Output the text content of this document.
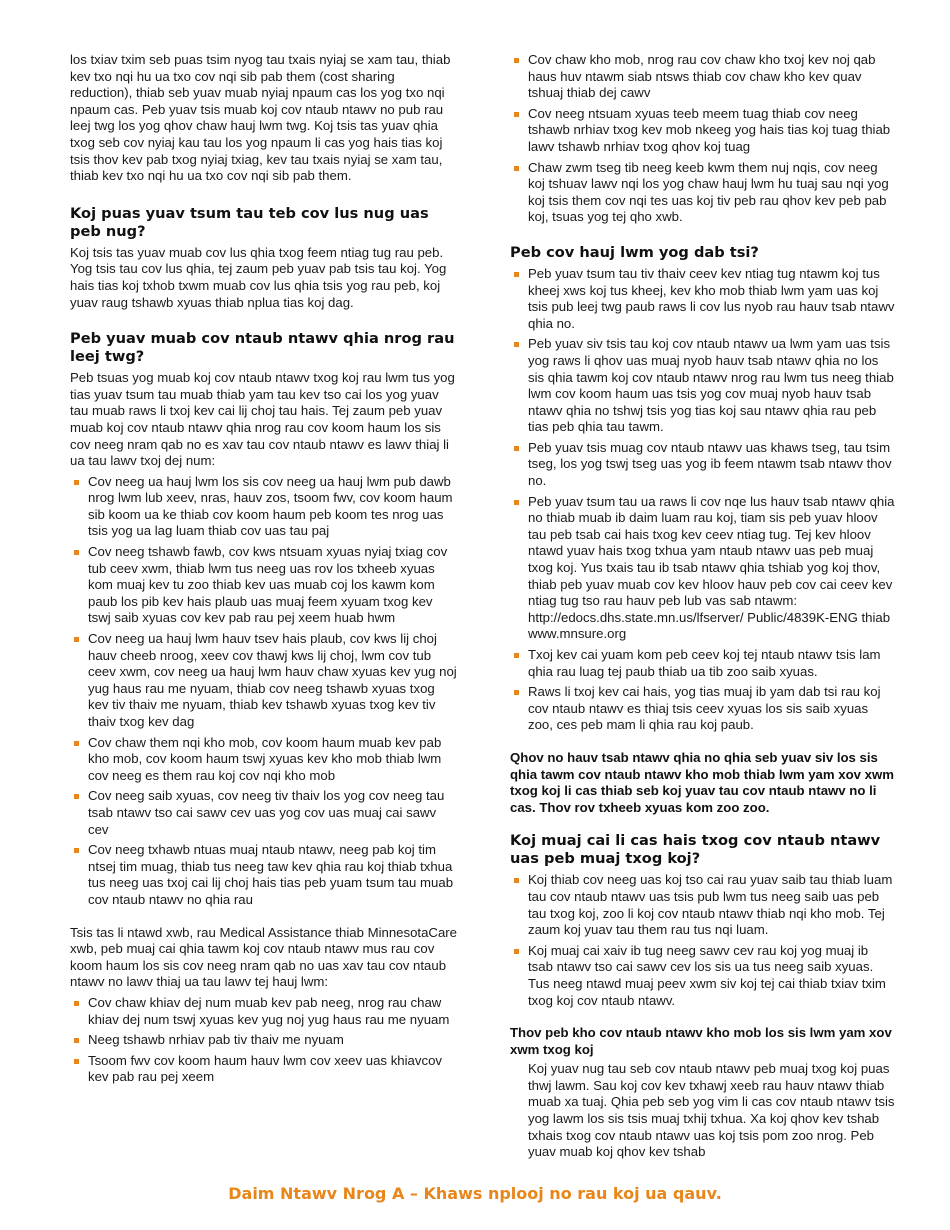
los txiav txim seb puas tsim nyog tau txais nyiaj se xam tau, thiab kev txo nqi hu ua txo cov nqi sib pab them (cost sharing reduction), thiab seb yuav muab nyiaj npaum cas los yog txo nqi npaum cas. Peb yuav tsis muab koj cov ntaub ntawv no pub rau leej twg los yog qhov chaw hauj lwm twg. Koj tsis tas yuav qhia txog seb cov nyiaj kau tau los yog npaum li cas yog hais tias koj tsis thov kev pab txog nyiaj txiag, kev tau txais nyiaj se xam tau, thiab kev txo nqi hu ua txo cov nqi sib pab them.

Koj puas yuav tsum tau teb cov lus nug uas peb nug?

Koj tsis tas yuav muab cov lus qhia txog feem ntiag tug rau peb. Yog tsis tau cov lus qhia, tej zaum peb yuav pab tsis tau koj. Yog hais tias koj txhob txwm muab cov lus qhia tsis yog rau peb, koj yuav raug tshawb xyuas thiab nplua tias koj dag.

Peb yuav muab cov ntaub ntawv qhia nrog rau leej twg?

Peb tsuas yog muab koj cov ntaub ntawv txog koj rau lwm tus yog tias yuav tsum tau muab thiab yam tau kev tso cai los yog yuav tau muab raws li txoj kev cai lij choj tau hais. Tej zaum peb yuav muab koj cov ntaub ntawv qhia nrog rau cov koom haum los sis cov neeg nram qab no es xav tau cov ntaub ntawv es lawv thiaj li ua tau lawv txoj dej num:

Cov neeg ua hauj lwm los sis cov neeg ua hauj lwm pub dawb nrog lwm lub xeev, nras, hauv zos, tsoom fwv, cov koom haum sib koom ua ke thiab cov koom haum peb koom tes nrog uas tsis yog ua lag luam thiab cov uas tau paj
Cov neeg tshawb fawb, cov kws ntsuam xyuas nyiaj txiag cov tub ceev xwm, thiab lwm tus neeg uas rov los txheeb xyuas kom muaj kev tu zoo thiab kev uas muab coj los kawm kom paub los pib kev hais plaub uas muaj feem xyuam txog kev tswj saib xyuas cov kev pab rau pej xeem huab hwm
Cov neeg ua hauj lwm hauv tsev hais plaub, cov kws lij choj hauv cheeb nroog, xeev cov thawj kws lij choj, lwm cov tub ceev xwm, cov neeg ua hauj lwm hauv chaw xyuas kev yug noj yug haus rau me nyuam, thiab cov neeg tshawb xyuas txog kev tiv thaiv me nyuam, thiab kev tshawb xyuas txog kev tiv thaiv txog kev dag
Cov chaw them nqi kho mob, cov koom haum muab kev pab kho mob, cov koom haum tswj xyuas kev kho mob thiab lwm cov neeg es them rau koj cov nqi kho mob
Cov neeg saib xyuas, cov neeg tiv thaiv los yog cov neeg tau tsab ntawv tso cai sawv cev uas yog cov uas muaj cai sawv cev
Cov neeg txhawb ntuas muaj ntaub ntawv, neeg pab koj tim ntsej tim muag, thiab tus neeg taw kev qhia rau koj thiab txhua tus neeg uas txoj cai lij choj hais tias peb yuam tsum tau muab cov ntaub ntawv no qhia rau

Tsis tas li ntawd xwb, rau Medical Assistance thiab MinnesotaCare xwb, peb muaj cai qhia tawm koj cov ntaub ntawv mus rau cov koom haum los sis cov neeg nram qab no uas xav tau cov ntaub ntawv no lawv thiaj ua tau lawv tej hauj lwm:

Cov chaw khiav dej num muab kev pab neeg, nrog rau chaw khiav dej num tswj xyuas kev yug noj yug haus rau me nyuam
Neeg tshawb nrhiav pab tiv thaiv me nyuam
Tsoom fwv cov koom haum hauv lwm cov xeev uas khiavcov kev pab rau pej xeem
Cov chaw kho mob, nrog rau cov chaw kho txoj kev noj qab haus huv ntawm siab ntsws thiab cov chaw kho kev quav tshuaj thiab dej cawv
Cov neeg ntsuam xyuas teeb meem tuag thiab cov neeg tshawb nrhiav txog kev mob nkeeg yog hais tias koj tuag thiab lawv tshawb nrhiav txog qhov koj tuag
Chaw zwm tseg tib neeg keeb kwm them nuj nqis, cov neeg koj tshuav lawv nqi los yog chaw hauj lwm hu tuaj sau nqi yog koj tsis them cov nqi tes uas koj tiv peb rau qhov kev peb pab koj, tsuas yog tej qho xwb.
Peb cov hauj lwm yog dab tsi?
Peb yuav tsum tau tiv thaiv ceev kev ntiag tug ntawm koj tus kheej xws koj tus kheej, kev kho mob thiab lwm yam uas koj tsis pub leej twg paub raws li cov lus nyob rau hauv tsab ntawv qhia no.
Peb yuav siv tsis tau koj cov ntaub ntawv ua lwm yam uas tsis yog raws li qhov uas muaj nyob hauv tsab ntawv qhia no los sis qhia tawm koj cov ntaub ntawv nrog rau lwm tus neeg thiab lwm cov koom haum uas tsis yog cov muaj nyob hauv tsab ntawv qhia no tshwj tsis yog tias koj sau ntawv qhia rau peb tias peb qhia tau tawm.
Peb yuav tsis muag cov ntaub ntawv uas khaws tseg, tau tsim tseg, los yog tswj tseg uas yog ib feem ntawm tsab ntawv thov no.
Peb yuav tsum tau ua raws li cov nqe lus hauv tsab ntawv qhia no thiab muab ib daim luam rau koj, tiam sis peb yuav hloov tau peb tsab cai hais txog kev ceev ntiag tug. Tej kev hloov ntawd yuav hais txog txhua yam ntaub ntawv uas peb muaj txog koj. Yus txais tau ib tsab ntawv qhia tshiab yog koj thov, thiab peb yuav muab cov kev hloov hauv peb cov cai ceev kev ntiag tug tso rau hauv peb lub vas sab ntawm: http://edocs.dhs.state.mn.us/lfserver/ Public/4839K-ENG thiab www.mnsure.org
Txoj kev cai yuam kom peb ceev koj tej ntaub ntawv tsis lam qhia rau luag tej paub thiab ua tib zoo saib xyuas.
Raws li txoj kev cai hais, yog tias muaj ib yam dab tsi rau koj cov ntaub ntawv es thiaj tsis ceev xyuas los sis saib xyuas zoo, ces peb mam li qhia rau koj paub.
Qhov no hauv tsab ntawv qhia no qhia seb yuav siv los sis qhia tawm cov ntaub ntawv kho mob thiab lwm yam xov xwm txog koj li cas thiab seb koj yuav tau cov ntaub ntawv no li cas. Thov rov txheeb xyuas kom zoo zoo.
Koj muaj cai li cas hais txog cov ntaub ntawv uas peb muaj txog koj?
Koj thiab cov neeg uas koj tso cai rau yuav saib tau thiab luam tau cov ntaub ntawv uas tsis pub lwm tus neeg saib uas peb tau txog koj, zoo li koj cov ntaub ntawv thiab nqi kho mob. Tej zaum koj yuav tau them rau tus nqi luam.
Koj muaj cai xaiv ib tug neeg sawv cev rau koj yog muaj ib tsab ntawv tso cai sawv cev los sis ua tus neeg saib xyuas. Tus neeg ntawd muaj peev xwm siv koj tej cai thiab txiav txim txog koj cov ntaub ntawv.
Thov peb kho cov ntaub ntawv kho mob los sis lwm yam xov xwm txog koj

Koj yuav nug tau seb cov ntaub ntawv peb muaj txog koj puas thwj lawm. Sau koj cov kev txhawj xeeb rau hauv ntawv thiab muab xa tuaj. Qhia peb seb yog vim li cas cov ntaub ntawv tsis yog lawm los sis tsis muaj txhij txhua. Xa koj qhov kev tshab txhais txog cov ntaub ntawv uas koj tsis pom zoo nrog. Peb yuav muab koj qhov kev tshab

Daim Ntawv Nrog A – Khaws nplooj no rau koj ua qauv.
